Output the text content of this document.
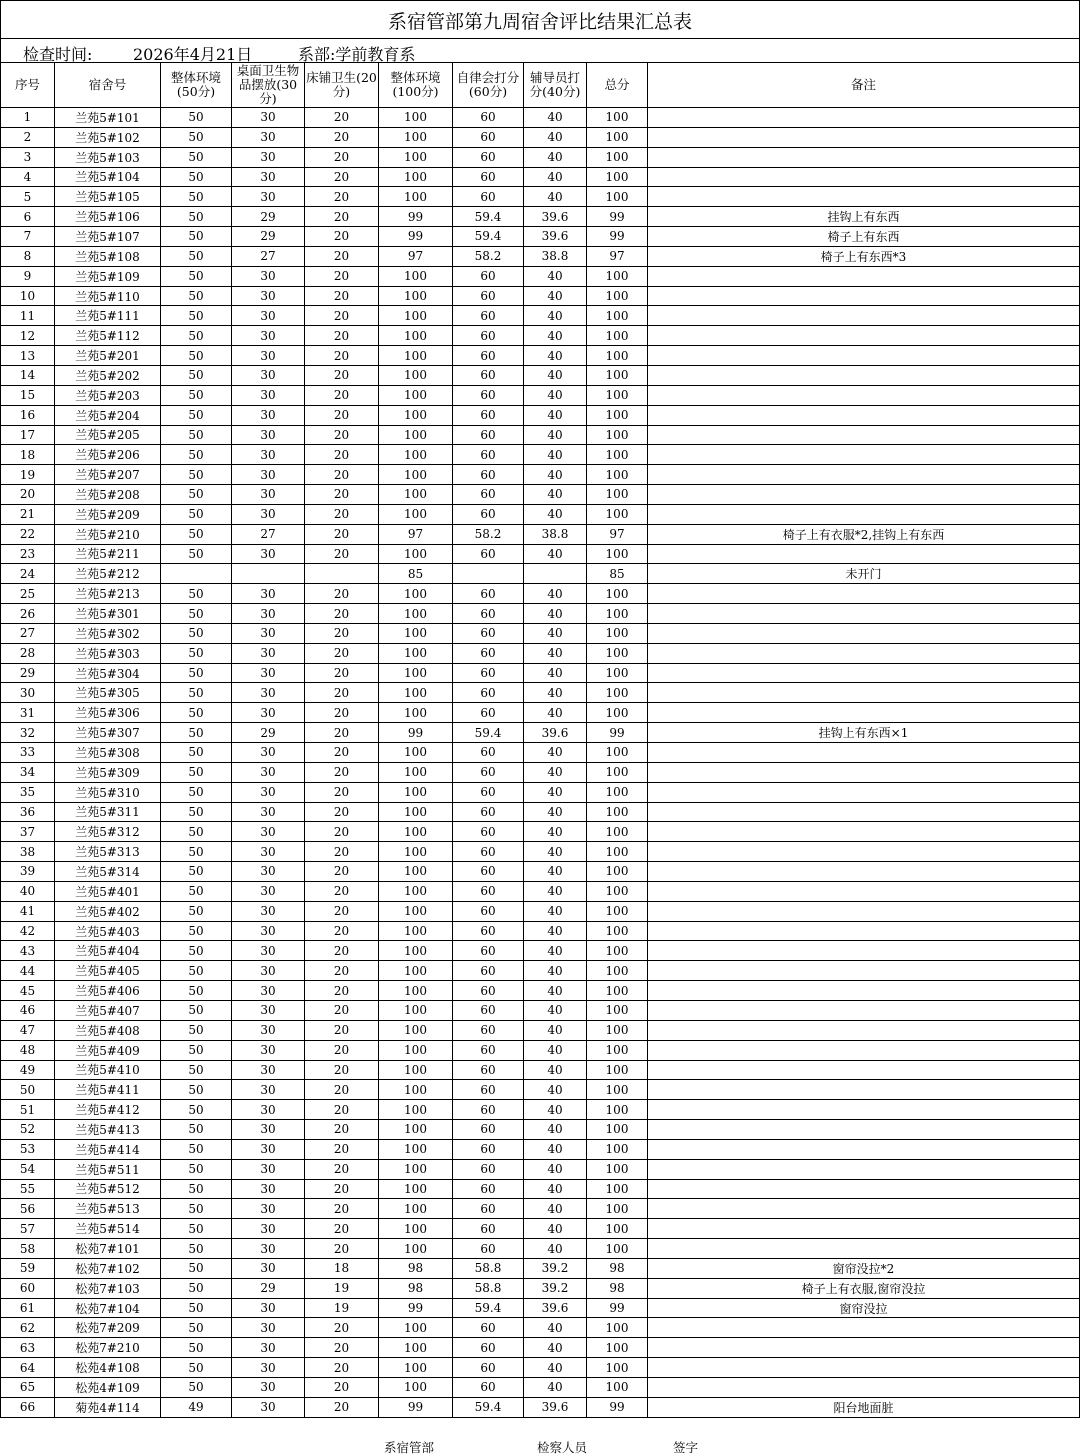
系宿管部第九周宿舍评比结果汇总表
检查时间:	2026年4月21日	系部:学前教育系
序号	宿舍号	整体环境(50分)	桌面卫生物品摆放(30分)	床铺卫生(20分)	整体环境(100分)	自律会打分(60分)	辅导员打分(40分)	总分	备注
1	兰苑5#101	50	30	20	100	60	40	100	
2	兰苑5#102	50	30	20	100	60	40	100	
3	兰苑5#103	50	30	20	100	60	40	100	
4	兰苑5#104	50	30	20	100	60	40	100	
5	兰苑5#105	50	30	20	100	60	40	100	
6	兰苑5#106	50	29	20	99	59.4	39.6	99	挂钩上有东西
7	兰苑5#107	50	29	20	99	59.4	39.6	99	椅子上有东西
8	兰苑5#108	50	27	20	97	58.2	38.8	97	椅子上有东西*3
9	兰苑5#109	50	30	20	100	60	40	100	
10	兰苑5#110	50	30	20	100	60	40	100	
11	兰苑5#111	50	30	20	100	60	40	100	
12	兰苑5#112	50	30	20	100	60	40	100	
13	兰苑5#201	50	30	20	100	60	40	100	
14	兰苑5#202	50	30	20	100	60	40	100	
15	兰苑5#203	50	30	20	100	60	40	100	
16	兰苑5#204	50	30	20	100	60	40	100	
17	兰苑5#205	50	30	20	100	60	40	100	
18	兰苑5#206	50	30	20	100	60	40	100	
19	兰苑5#207	50	30	20	100	60	40	100	
20	兰苑5#208	50	30	20	100	60	40	100	
21	兰苑5#209	50	30	20	100	60	40	100	
22	兰苑5#210	50	27	20	97	58.2	38.8	97	椅子上有衣服*2,挂钩上有东西
23	兰苑5#211	50	30	20	100	60	40	100	
24	兰苑5#212				85			85	未开门
25	兰苑5#213	50	30	20	100	60	40	100	
26	兰苑5#301	50	30	20	100	60	40	100	
27	兰苑5#302	50	30	20	100	60	40	100	
28	兰苑5#303	50	30	20	100	60	40	100	
29	兰苑5#304	50	30	20	100	60	40	100	
30	兰苑5#305	50	30	20	100	60	40	100	
31	兰苑5#306	50	30	20	100	60	40	100	
32	兰苑5#307	50	29	20	99	59.4	39.6	99	挂钩上有东西×1
33	兰苑5#308	50	30	20	100	60	40	100	
34	兰苑5#309	50	30	20	100	60	40	100	
35	兰苑5#310	50	30	20	100	60	40	100	
36	兰苑5#311	50	30	20	100	60	40	100	
37	兰苑5#312	50	30	20	100	60	40	100	
38	兰苑5#313	50	30	20	100	60	40	100	
39	兰苑5#314	50	30	20	100	60	40	100	
40	兰苑5#401	50	30	20	100	60	40	100	
41	兰苑5#402	50	30	20	100	60	40	100	
42	兰苑5#403	50	30	20	100	60	40	100	
43	兰苑5#404	50	30	20	100	60	40	100	
44	兰苑5#405	50	30	20	100	60	40	100	
45	兰苑5#406	50	30	20	100	60	40	100	
46	兰苑5#407	50	30	20	100	60	40	100	
47	兰苑5#408	50	30	20	100	60	40	100	
48	兰苑5#409	50	30	20	100	60	40	100	
49	兰苑5#410	50	30	20	100	60	40	100	
50	兰苑5#411	50	30	20	100	60	40	100	
51	兰苑5#412	50	30	20	100	60	40	100	
52	兰苑5#413	50	30	20	100	60	40	100	
53	兰苑5#414	50	30	20	100	60	40	100	
54	兰苑5#511	50	30	20	100	60	40	100	
55	兰苑5#512	50	30	20	100	60	40	100	
56	兰苑5#513	50	30	20	100	60	40	100	
57	兰苑5#514	50	30	20	100	60	40	100	
58	松苑7#101	50	30	20	100	60	40	100	
59	松苑7#102	50	30	18	98	58.8	39.2	98	窗帘没拉*2
60	松苑7#103	50	29	19	98	58.8	39.2	98	椅子上有衣服,窗帘没拉
61	松苑7#104	50	30	19	99	59.4	39.6	99	窗帘没拉
62	松苑7#209	50	30	20	100	60	40	100	
63	松苑7#210	50	30	20	100	60	40	100	
64	松苑4#108	50	30	20	100	60	40	100	
65	松苑4#109	50	30	20	100	60	40	100	
66	菊苑4#114	49	30	20	99	59.4	39.6	99	阳台地面脏
系宿管部	检察人员	签字
